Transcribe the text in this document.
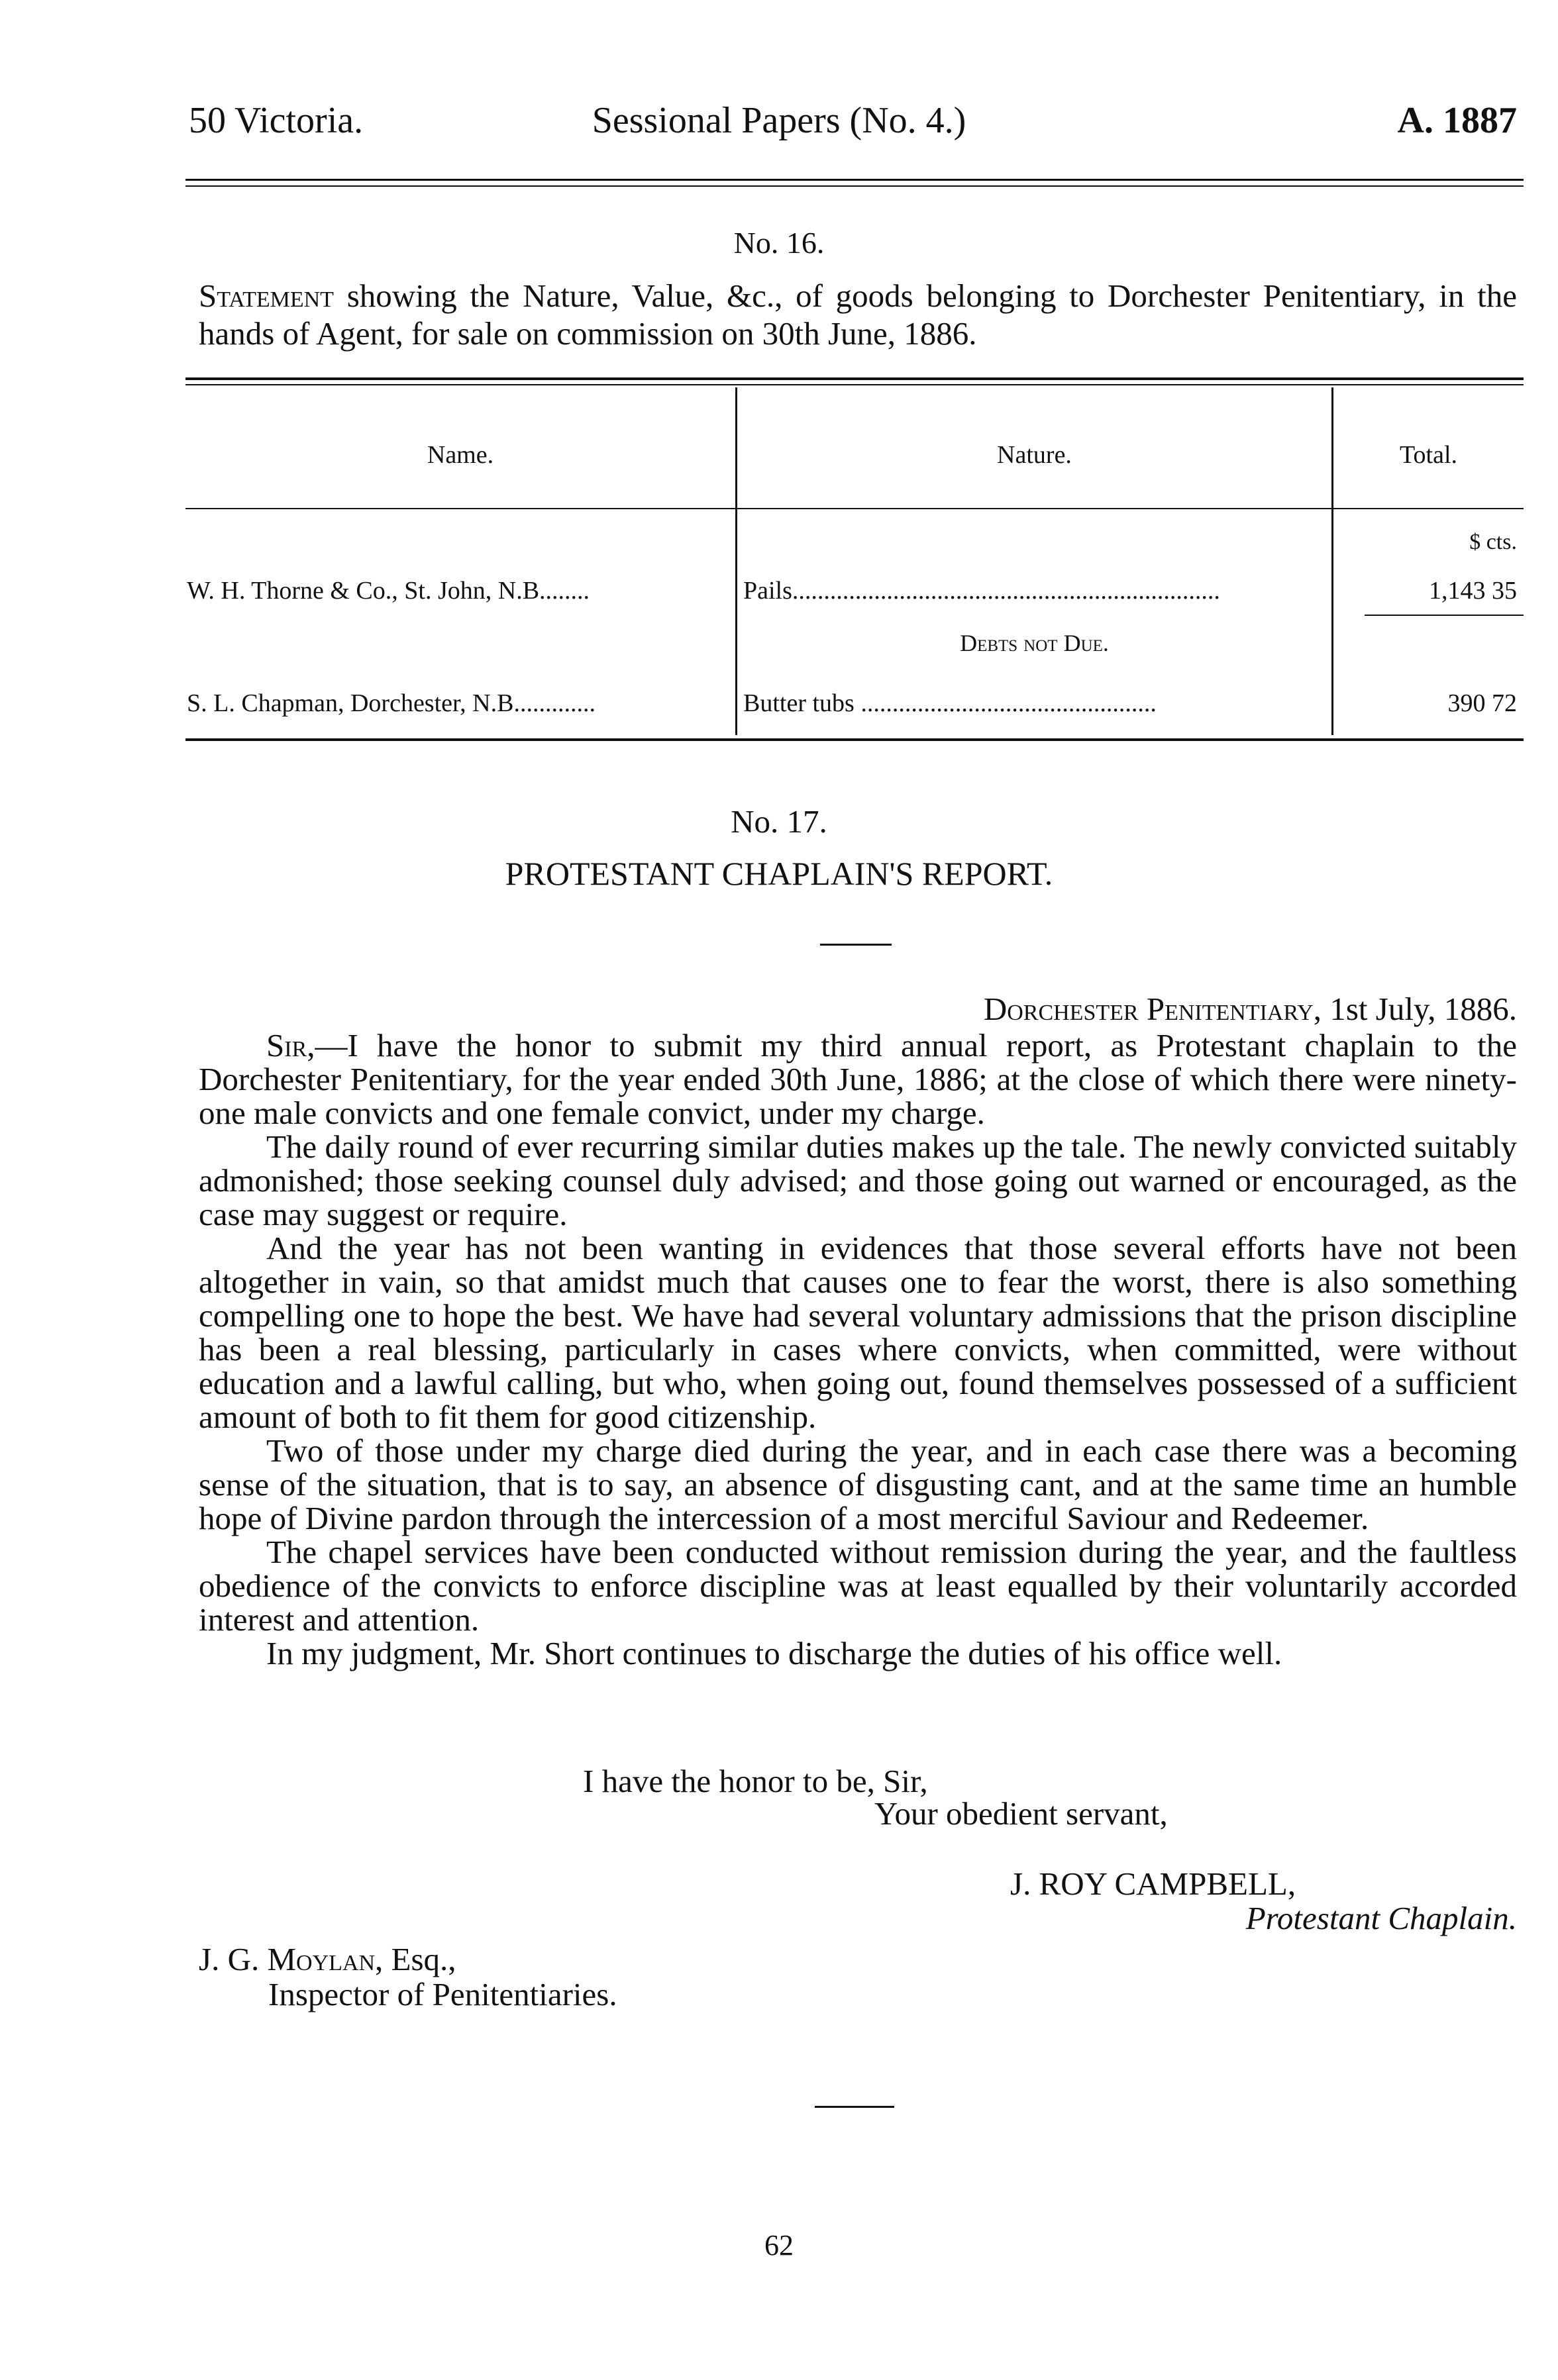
50 Victoria.	Sessional Papers (No. 4.)	A. 1887
No. 16.
Statement showing the Nature, Value, &c., of goods belonging to Dorchester Penitentiary, in the hands of Agent, for sale on commission on 30th June, 1886.
Name.	Nature.	Total.
$ cts.
W. H. Thorne & Co., St. John, N.B........	Pails....................................................................	1,143 35
Debts not Due.
S. L. Chapman, Dorchester, N.B.............	Butter tubs ...............................................	390 72
No. 17.
PROTESTANT CHAPLAIN'S REPORT.
Dorchester Penitentiary, 1st July, 1886.

Sir,—I have the honor to submit my third annual report, as Protestant chaplain to the Dorchester Penitentiary, for the year ended 30th June, 1886; at the close of which there were ninety-one male convicts and one female convict, under my charge.

The daily round of ever recurring similar duties makes up the tale. The newly convicted suitably admonished; those seeking counsel duly advised; and those going out warned or encouraged, as the case may suggest or require.

And the year has not been wanting in evidences that those several efforts have not been altogether in vain, so that amidst much that causes one to fear the worst, there is also something compelling one to hope the best. We have had several voluntary admissions that the prison discipline has been a real blessing, particularly in cases where convicts, when committed, were without education and a lawful calling, but who, when going out, found themselves possessed of a sufficient amount of both to fit them for good citizenship.

Two of those under my charge died during the year, and in each case there was a becoming sense of the situation, that is to say, an absence of disgusting cant, and at the same time an humble hope of Divine pardon through the intercession of a most merciful Saviour and Redeemer.

The chapel services have been conducted without remission during the year, and the faultless obedience of the convicts to enforce discipline was at least equalled by their voluntarily accorded interest and attention.

In my judgment, Mr. Short continues to discharge the duties of his office well.

I have the honor to be, Sir,
Your obedient servant,
J. ROY CAMPBELL,
Protestant Chaplain.
J. G. Moylan, Esq.,
Inspector of Penitentiaries.
62
